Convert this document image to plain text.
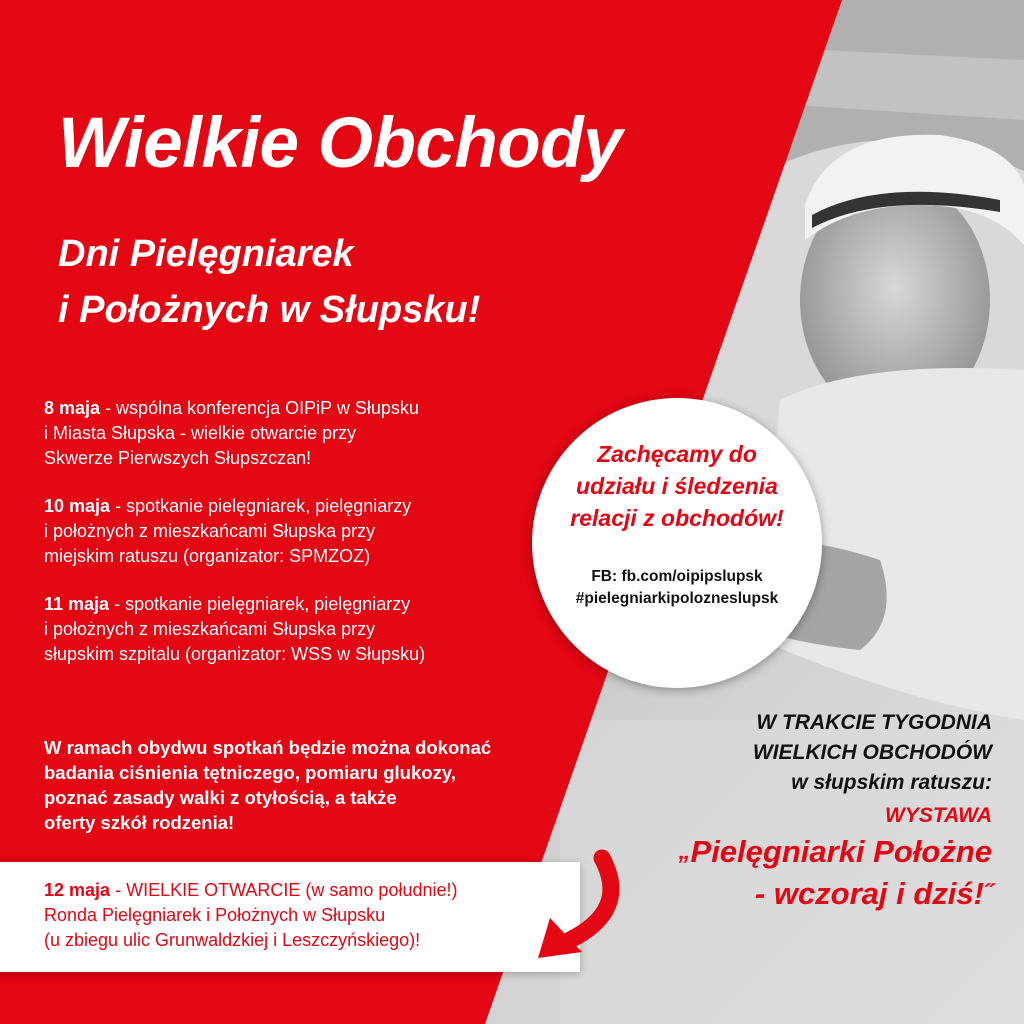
Wielkie Obchody
Dni Pielęgniarek
i Położnych w Słupsku!

8 maja - wspólna konferencja OIPiP w Słupsku
i Miasta Słupska - wielkie otwarcie przy
Skwerze Pierwszych Słupszczan!

10 maja - spotkanie pielęgniarek, pielęgniarzy
i położnych z mieszkańcami Słupska przy
miejskim ratuszu (organizator: SPMZOZ)

11 maja - spotkanie pielęgniarek, pielęgniarzy
i położnych z mieszkańcami Słupska przy
słupskim szpitalu (organizator: WSS w Słupsku)

W ramach obydwu spotkań będzie można dokonać
badania ciśnienia tętniczego, pomiaru glukozy,
poznać zasady walki z otyłością, a także
oferty szkół rodzenia!
12 maja - WIELKIE OTWARCIE (w samo południe!)
Ronda Pielęgniarek i Położnych w Słupsku
(u zbiegu ulic Grunwaldzkiej i Leszczyńskiego)!
Zachęcamy do
udziału i śledzenia
relacji z obchodów!
FB: fb.com/oipipslupsk
#pielegniarkipolozneslupsk
W TRAKCIE TYGODNIA
WIELKICH OBCHODÓW
w słupskim ratuszu:
WYSTAWA
„Pielęgniarki Położne
- wczoraj i dziś!˝
